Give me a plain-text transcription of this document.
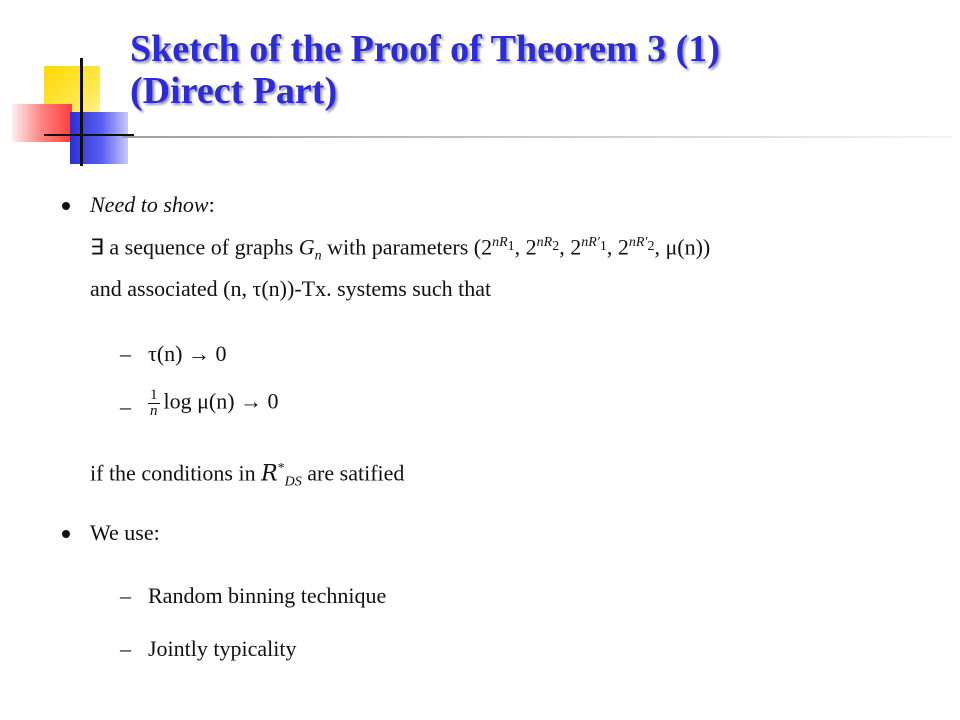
Sketch of the Proof of Theorem 3 (1)
(Direct Part)
Need to show:
∃ a sequence of graphs $G_n$ with parameters ($2^{nR_1}$, $2^{nR_2}$, $2^{nR'_1}$, $2^{nR'_2}$, μ(n))
and associated (n, τ(n))-Tx. systems such that
– τ(n) → 0
– $\frac{1}{n}$ log μ(n) → 0
if the conditions in $R^*_{DS}$ are satified
We use:
– Random binning technique
– Jointly typicality
